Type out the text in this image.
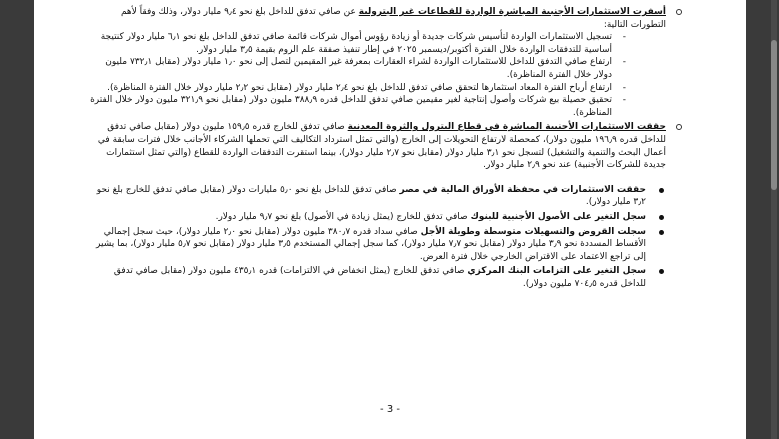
أسفرت الاستثمارات الأجنبية المباشرة الواردة للقطاعات غير البترولية عن صافي تدفق للداخل بلغ نحو ٩٫٤ مليار دولار، وذلك وفقاً لأهم التطورات التالية:
-
تسجيل الاستثمارات الواردة لتأسيس شركات جديدة أو زيادة رؤوس أموال شركات قائمة صافي تدفق للداخل بلغ نحو ٦٫١ مليار دولار كنتيجة أساسية للتدفقات الواردة خلال الفترة أكتوبر/ديسمبر ٢٠٢٥ في إطار تنفيذ صفقة علم الروم بقيمة ٣٫٥ مليار دولار.
-
ارتفاع صافي التدفق للداخل للاستثمارات الواردة لشراء العقارات بمعرفة غير المقيمين لتصل إلى نحو ١٫٠ مليار دولار (مقابل ٧٣٢٫١ مليون دولار خلال الفترة المناظرة).
-
ارتفاع أرباح الفترة المعاد استثمارها لتحقق صافي تدفق للداخل بلغ نحو ٢٫٤ مليار دولار (مقابل نحو ٢٫٢ مليار دولار خلال الفترة المناظرة).
-
تحقيق حصيلة بيع شركات وأصول إنتاجية لغير مقيمين صافي تدفق للداخل قدره ٣٨٨٫٩ مليون دولار (مقابل نحو ٣٢١٫٩ مليون دولار خلال الفترة المناظرة).
حققت الاستثمارات الأجنبية المباشرة في قطاع البترول والثروة المعدنية صافي تدفق للخارج قدره ١٥٩٫٥ مليون دولار (مقابل صافي تدفق للداخل قدره ١٩٦٫٩ مليون دولار)، كمحصلة لارتفاع التحويلات إلى الخارج (والتي تمثل استرداد التكاليف التي تحملها الشركاء الأجانب خلال فترات سابقة في أعمال البحث والتنمية والتشغيل) لتسجل نحو ٣٫١ مليار دولار (مقابل نحو ٢٫٧ مليار دولار)، بينما استقرت التدفقات الواردة للقطاع (والتي تمثل استثمارات جديدة للشركات الأجنبية) عند نحو ٢٫٩ مليار دولار.
حققت الاستثمارات في محفظة الأوراق المالية في مصر صافي تدفق للداخل بلغ نحو ٥٫٠ مليارات دولار (مقابل صافي تدفق للخارج بلغ نحو ٣٫٢ مليار دولار).
سجل التغير على الأصول الأجنبية للبنوك صافي تدفق للخارج (يمثل زيادة في الأصول) بلغ نحو ٩٫٧ مليار دولار.
سجلت القروض والتسهيلات متوسطة وطويلة الأجل صافي سداد قدره ٣٨٠٫٧ مليون دولار (مقابل نحو ٢٫٠ مليار دولار)، حيث سجل إجمالي الأقساط المسددة نحو ٣٫٩ مليار دولار (مقابل نحو ٧٫٧ مليار دولار)، كما سجل إجمالي المستخدم ٣٫٥ مليار دولار (مقابل نحو ٥٫٧ مليار دولار)، بما يشير إلى تراجع الاعتماد على الاقتراض الخارجي خلال فترة العرض.
سجل التغير على التزامات البنك المركزي صافي تدفق للخارج (يمثل انخفاض في الالتزامات) قدره ٤٣٥٫١ مليون دولار (مقابل صافي تدفق للداخل قدره ٧٠٤٫٥ مليون دولار).
- 3 -
